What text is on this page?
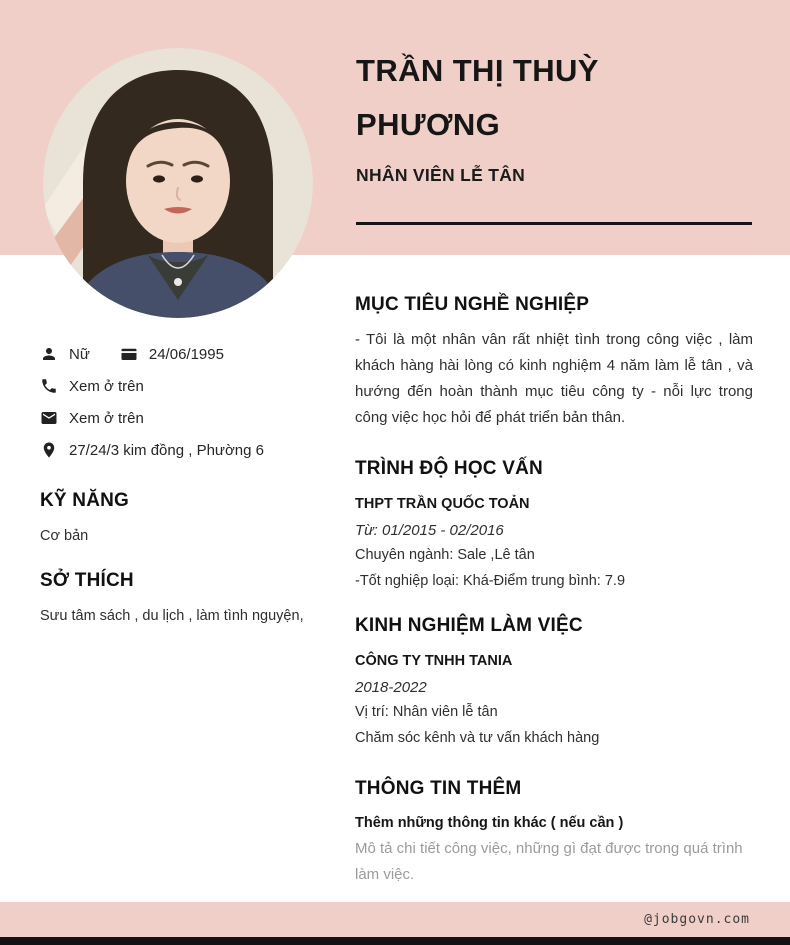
TRẦN THỊ THUỲ PHƯƠNG
NHÂN VIÊN LỄ TÂN
Nữ	24/06/1995
Xem ở trên
Xem ở trên
27/24/3 kim đồng , Phường 6
KỸ NĂNG
Cơ bản
SỞ THÍCH
Sưu tâm sách , du lịch , làm tình nguyện,
MỤC TIÊU NGHỀ NGHIỆP
- Tôi là một nhân vân rất nhiệt tình trong công việc , làm khách hàng hài lòng có kinh nghiệm 4 năm làm lễ tân , và hướng đến hoàn thành mục tiêu công ty - nỗi lực trong công việc học hỏi để phát triển bản thân.
TRÌNH ĐỘ HỌC VẤN
THPT TRẦN QUỐC TOẢN
Từ: 01/2015 - 02/2016
Chuyên ngành: Sale ,Lê tân
-Tốt nghiệp loại: Khá-Điểm trung bình: 7.9
KINH NGHIỆM LÀM VIỆC
CÔNG TY TNHH TANIA
2018-2022
Vị trí: Nhân viên lễ tân
Chăm sóc kênh và tư vấn khách hàng
THÔNG TIN THÊM
Thêm những thông tin khác ( nếu cần )
Mô tả chi tiết công việc, những gì đạt được trong quá trình làm việc.
@jobgovn.com
